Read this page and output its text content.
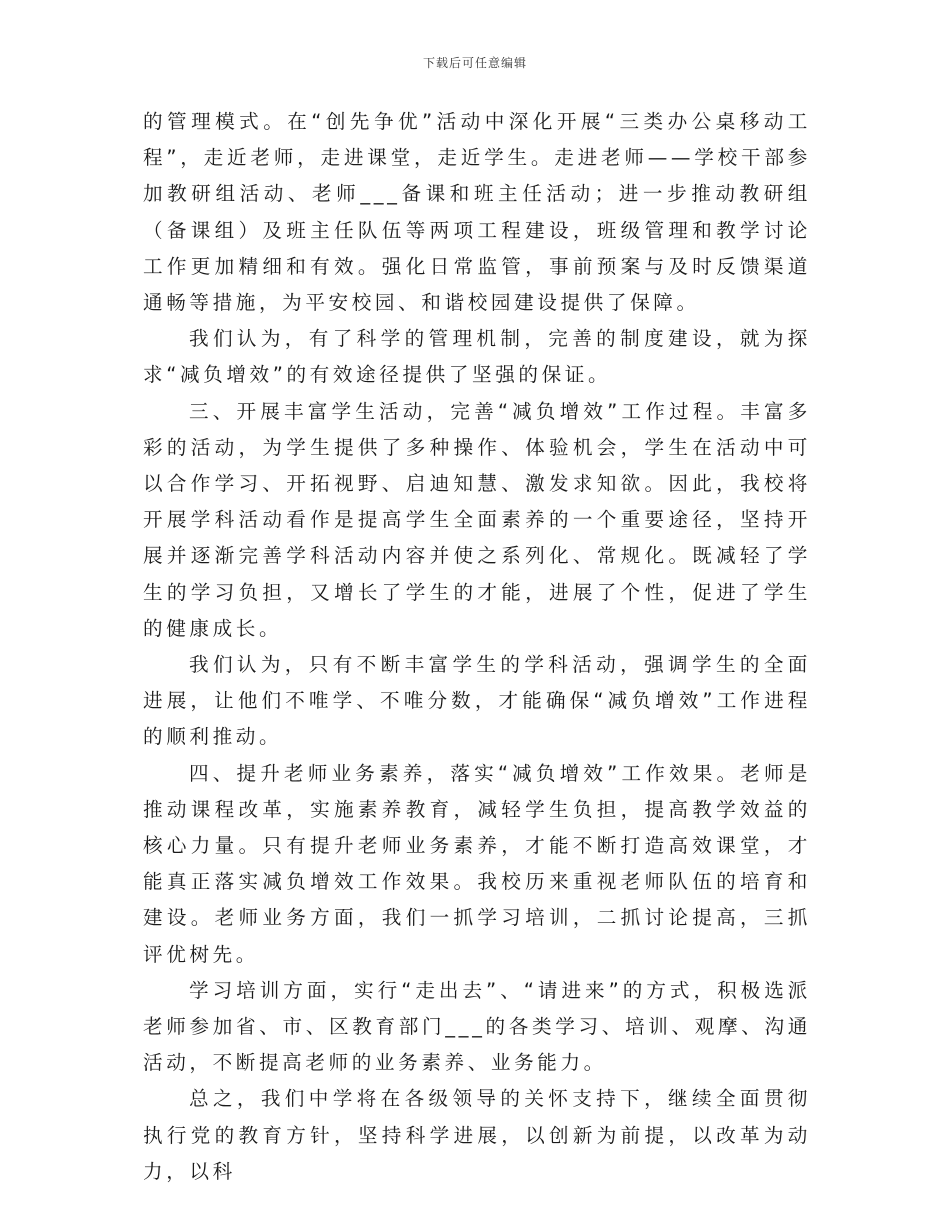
下载后可任意编辑

的管理模式。在“创先争优”活动中深化开展“三类办公桌移动工程”，走近老师，走进课堂，走近学生。走进老师——学校干部参加教研组活动、老师___备课和班主任活动；进一步推动教研组（备课组）及班主任队伍等两项工程建设，班级管理和教学讨论工作更加精细和有效。强化日常监管，事前预案与及时反馈渠道通畅等措施，为平安校园、和谐校园建设提供了保障。

我们认为，有了科学的管理机制，完善的制度建设，就为探求“减负增效”的有效途径提供了坚强的保证。

三、开展丰富学生活动，完善“减负增效”工作过程。丰富多彩的活动，为学生提供了多种操作、体验机会，学生在活动中可以合作学习、开拓视野、启迪知慧、激发求知欲。因此，我校将开展学科活动看作是提高学生全面素养的一个重要途径，坚持开展并逐渐完善学科活动内容并使之系列化、常规化。既减轻了学生的学习负担，又增长了学生的才能，进展了个性，促进了学生的健康成长。

我们认为，只有不断丰富学生的学科活动，强调学生的全面进展，让他们不唯学、不唯分数，才能确保“减负增效”工作进程的顺利推动。

四、提升老师业务素养，落实“减负增效”工作效果。老师是推动课程改革，实施素养教育，减轻学生负担，提高教学效益的核心力量。只有提升老师业务素养，才能不断打造高效课堂，才能真正落实减负增效工作效果。我校历来重视老师队伍的培育和建设。老师业务方面，我们一抓学习培训，二抓讨论提高，三抓评优树先。

学习培训方面，实行“走出去”、“请进来”的方式，积极选派老师参加省、市、区教育部门___的各类学习、培训、观摩、沟通活动，不断提高老师的业务素养、业务能力。

总之，我们中学将在各级领导的关怀支持下，继续全面贯彻执行党的教育方针，坚持科学进展，以创新为前提，以改革为动力，以科
